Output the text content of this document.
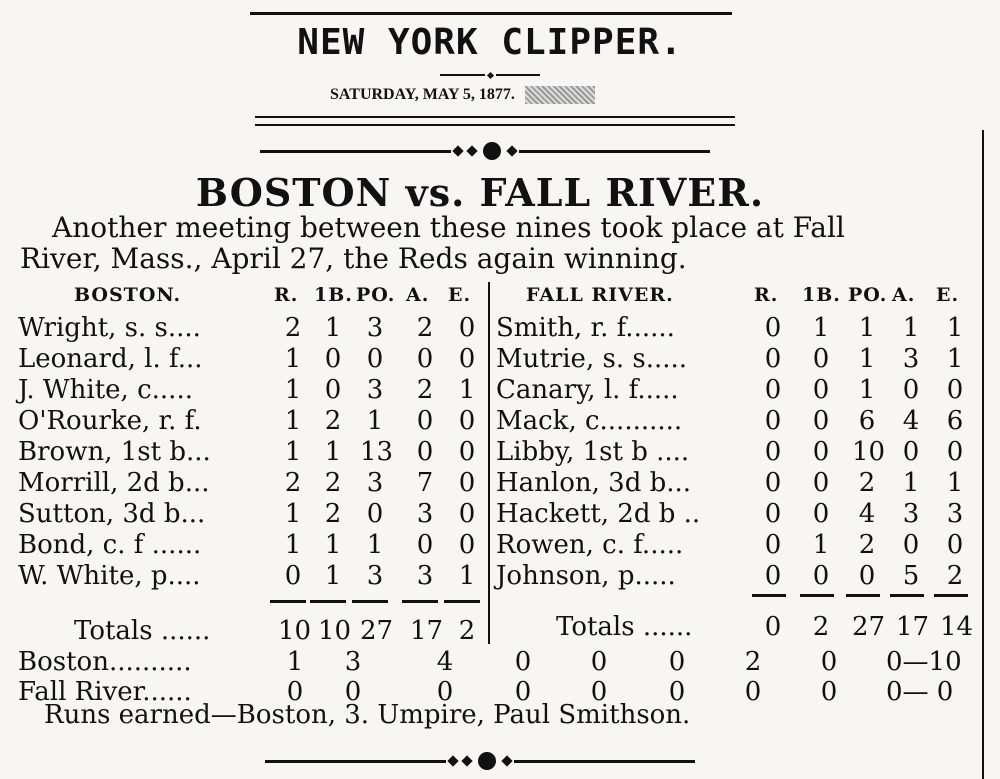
NEW YORK CLIPPER.
SATURDAY, MAY 5, 1877.
BOSTON vs. FALL RIVER.
Another meeting between these nines took place at Fall
River, Mass., April 27, the Reds again winning.
BOSTON.	R. 1B. PO. A. E.	FALL RIVER.	R. 1B. PO. A. E.
Wright, s. s....	2 1 3 2 0
Leonard, l. f...	1 0 0 0 0
J. White, c.....	1 0 3 2 1
O'Rourke, r. f.	1 2 1 0 0
Brown, 1st b...	1 1 13 0 0
Morrill, 2d b...	2 2 3 7 0
Sutton, 3d b...	1 2 0 3 0
Bond, c. f ......	1 1 1 0 0
W. White, p....	0 1 3 3 1
Smith, r. f......	0 1 1 1 1
Mutrie, s. s.....	0 0 1 3 1
Canary, l. f.....	0 0 1 0 0
Mack, c..........	0 0 6 4 6
Libby, 1st b ....	0 0 10 0 0
Hanlon, 3d b...	0 0 2 1 1
Hackett, 2d b .. 0 0 4 3 3
Rowen, c. f.....	0 1 2 0 0
Johnson, p.....	0 0 0 5 2
Totals ......	10 10 27 17 2	Totals ......	0 2 27 17 14
Boston..........	1 3	4 0 0 0 2 0 0—10
Fall River......	0 0	0 0 0 0 0 0 0— 0
Runs earned—Boston, 3. Umpire, Paul Smithson.
